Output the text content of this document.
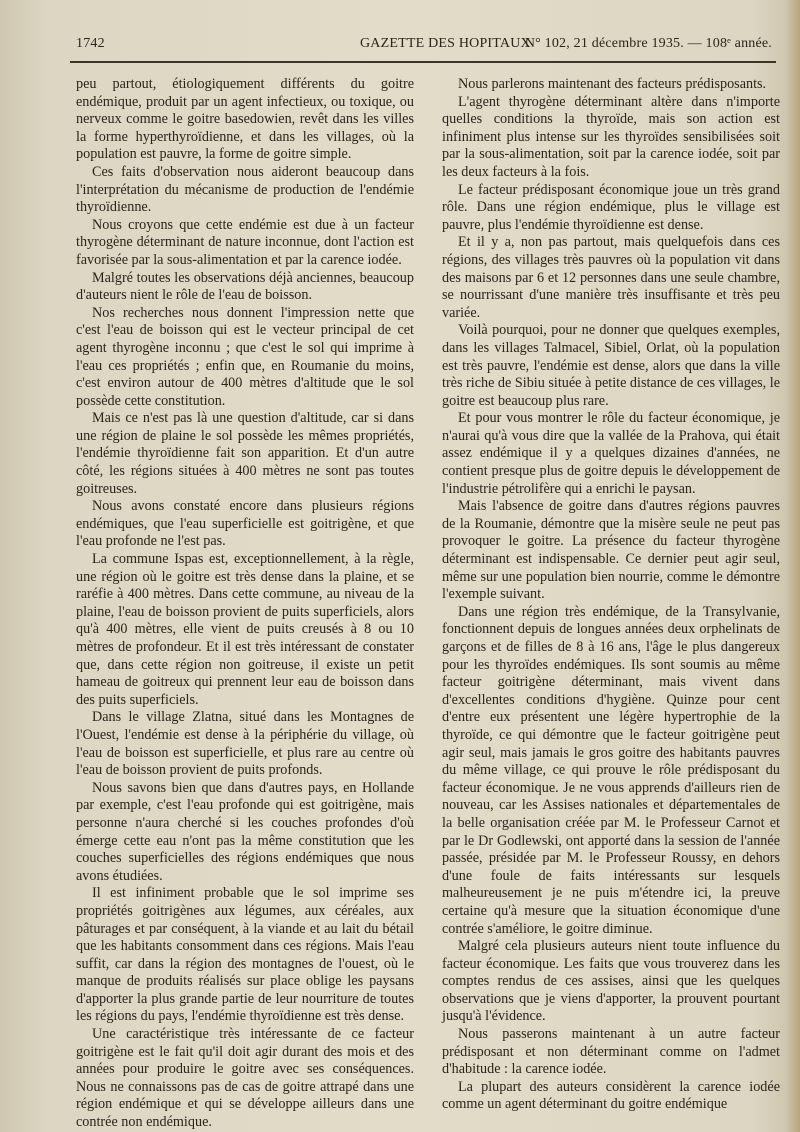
1742	GAZETTE DES HOPITAUX
N° 102, 21 décembre 1935. — 108ᵉ année.

peu partout, étiologiquement différents du goitre endémique, produit par un agent infectieux, ou toxique, ou nerveux comme le goitre basedowien, revêt dans les villes la forme hyperthyroïdienne, et dans les villages, où la population est pauvre, la forme de goitre simple.

Ces faits d'observation nous aideront beaucoup dans l'interprétation du mécanisme de production de l'endémie thyroïdienne.

Nous croyons que cette endémie est due à un facteur thyrogène déterminant de nature inconnue, dont l'action est favorisée par la sous-alimentation et par la carence iodée.

Malgré toutes les observations déjà anciennes, beaucoup d'auteurs nient le rôle de l'eau de boisson.

Nos recherches nous donnent l'impression nette que c'est l'eau de boisson qui est le vecteur principal de cet agent thyrogène inconnu ; que c'est le sol qui imprime à l'eau ces propriétés ; enfin que, en Roumanie du moins, c'est environ autour de 400 mètres d'altitude que le sol possède cette constitution.

Mais ce n'est pas là une question d'altitude, car si dans une région de plaine le sol possède les mêmes propriétés, l'endémie thyroïdienne fait son apparition. Et d'un autre côté, les régions situées à 400 mètres ne sont pas toutes goitreuses.

Nous avons constaté encore dans plusieurs régions endémiques, que l'eau superficielle est goitrigène, et que l'eau profonde ne l'est pas.

La commune Ispas est, exceptionnellement, à la règle, une région où le goitre est très dense dans la plaine, et se raréfie à 400 mètres. Dans cette commune, au niveau de la plaine, l'eau de boisson provient de puits superficiels, alors qu'à 400 mètres, elle vient de puits creusés à 8 ou 10 mètres de profondeur. Et il est très intéressant de constater que, dans cette région non goitreuse, il existe un petit hameau de goitreux qui prennent leur eau de boisson dans des puits superficiels.

Dans le village Zlatna, situé dans les Montagnes de l'Ouest, l'endémie est dense à la périphérie du village, où l'eau de boisson est superficielle, et plus rare au centre où l'eau de boisson provient de puits profonds.

Nous savons bien que dans d'autres pays, en Hollande par exemple, c'est l'eau profonde qui est goitrigène, mais personne n'aura cherché si les couches profondes d'où émerge cette eau n'ont pas la même constitution que les couches superficielles des régions endémiques que nous avons étudiées.

Il est infiniment probable que le sol imprime ses propriétés goitrigènes aux légumes, aux céréales, aux pâturages et par conséquent, à la viande et au lait du bétail que les habitants consomment dans ces régions. Mais l'eau suffit, car dans la région des montagnes de l'ouest, où le manque de produits réalisés sur place oblige les paysans d'apporter la plus grande partie de leur nourriture de toutes les régions du pays, l'endémie thyroïdienne est très dense.

Une caractéristique très intéressante de ce facteur goitrigène est le fait qu'il doit agir durant des mois et des années pour produire le goitre avec ses conséquences. Nous ne connaissons pas de cas de goitre attrapé dans une région endémique et qui se développe ailleurs dans une contrée non endémique.

Nous parlerons maintenant des facteurs prédisposants.

L'agent thyrogène déterminant altère dans n'importe quelles conditions la thyroïde, mais son action est infiniment plus intense sur les thyroïdes sensibilisées soit par la sous-alimentation, soit par la carence iodée, soit par les deux facteurs à la fois.

Le facteur prédisposant économique joue un très grand rôle. Dans une région endémique, plus le village est pauvre, plus l'endémie thyroïdienne est dense.

Et il y a, non pas partout, mais quelquefois dans ces régions, des villages très pauvres où la population vit dans des maisons par 6 et 12 personnes dans une seule chambre, se nourrissant d'une manière très insuffisante et très peu variée.

Voilà pourquoi, pour ne donner que quelques exemples, dans les villages Talmacel, Sibiel, Orlat, où la population est très pauvre, l'endémie est dense, alors que dans la ville très riche de Sibiu située à petite distance de ces villages, le goitre est beaucoup plus rare.

Et pour vous montrer le rôle du facteur économique, je n'aurai qu'à vous dire que la vallée de la Prahova, qui était assez endémique il y a quelques dizaines d'années, ne contient presque plus de goitre depuis le développement de l'industrie pétrolifère qui a enrichi le paysan.

Mais l'absence de goitre dans d'autres régions pauvres de la Roumanie, démontre que la misère seule ne peut pas provoquer le goitre. La présence du facteur thyrogène déterminant est indispensable. Ce dernier peut agir seul, même sur une population bien nourrie, comme le démontre l'exemple suivant.

Dans une région très endémique, de la Transylvanie, fonctionnent depuis de longues années deux orphelinats de garçons et de filles de 8 à 16 ans, l'âge le plus dangereux pour les thyroïdes endémiques. Ils sont soumis au même facteur goitrigène déterminant, mais vivent dans d'excellentes conditions d'hygiène. Quinze pour cent d'entre eux présentent une légère hypertrophie de la thyroïde, ce qui démontre que le facteur goitrigène peut agir seul, mais jamais le gros goitre des habitants pauvres du même village, ce qui prouve le rôle prédisposant du facteur économique. Je ne vous apprends d'ailleurs rien de nouveau, car les Assises nationales et départementales de la belle organisation créée par M. le Professeur Carnot et par le Dr Godlewski, ont apporté dans la session de l'année passée, présidée par M. le Professeur Roussy, en dehors d'une foule de faits intéressants sur lesquels malheureusement je ne puis m'étendre ici, la preuve certaine qu'à mesure que la situation économique d'une contrée s'améliore, le goitre diminue.

Malgré cela plusieurs auteurs nient toute influence du facteur économique. Les faits que vous trouverez dans les comptes rendus de ces assises, ainsi que les quelques observations que je viens d'apporter, la prouvent pourtant jusqu'à l'évidence.

Nous passerons maintenant à un autre facteur prédisposant et non déterminant comme on l'admet d'habitude : la carence iodée.

La plupart des auteurs considèrent la carence iodée comme un agent déterminant du goitre endémique
